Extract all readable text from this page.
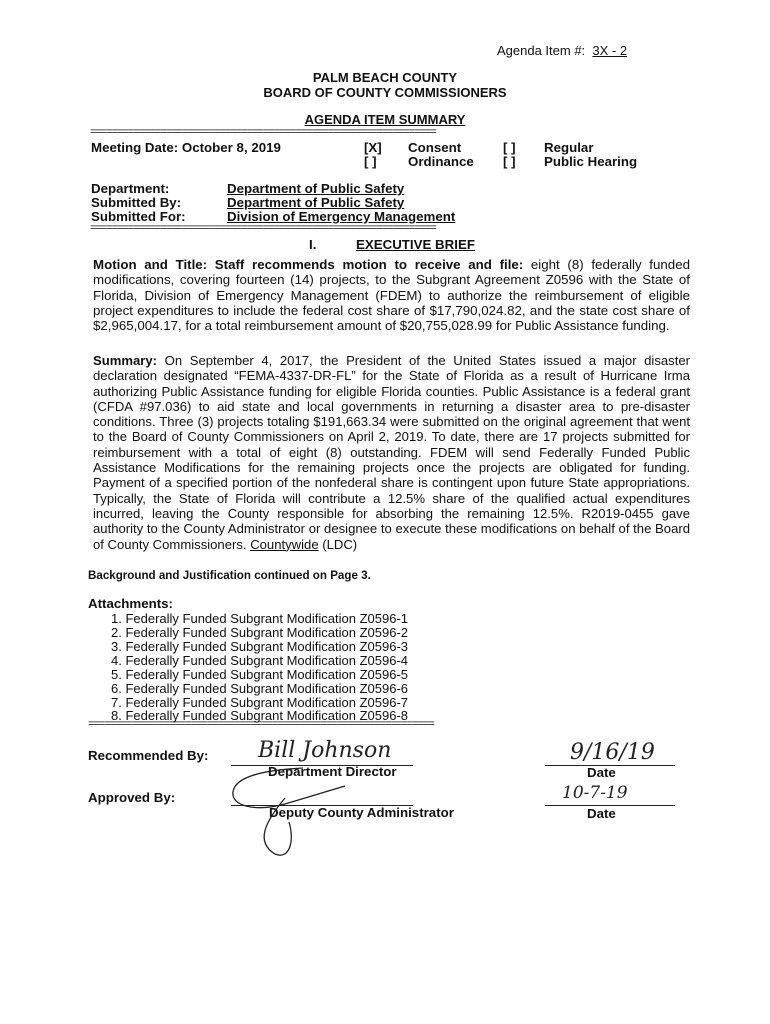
Agenda Item #: 3X - 2
PALM BEACH COUNTY
BOARD OF COUNTY COMMISSIONERS
AGENDA ITEM SUMMARY
================================================================
Meeting Date: October 8, 2019	[X] Consent	[ ] Regular
[ ] Ordinance [ ] Public Hearing
Department:	Department of Public Safety
Submitted By:	Department of Public Safety
Submitted For:	Division of Emergency Management
================================================================
I.	EXECUTIVE BRIEF
Motion and Title: Staff recommends motion to receive and file: eight (8) federally funded modifications, covering fourteen (14) projects, to the Subgrant Agreement Z0596 with the State of Florida, Division of Emergency Management (FDEM) to authorize the reimbursement of eligible project expenditures to include the federal cost share of $17,790,024.82, and the state cost share of $2,965,004.17, for a total reimbursement amount of $20,755,028.99 for Public Assistance funding.
Summary: On September 4, 2017, the President of the United States issued a major disaster declaration designated “FEMA-4337-DR-FL” for the State of Florida as a result of Hurricane Irma authorizing Public Assistance funding for eligible Florida counties. Public Assistance is a federal grant (CFDA #97.036) to aid state and local governments in returning a disaster area to pre-disaster conditions. Three (3) projects totaling $191,663.34 were submitted on the original agreement that went to the Board of County Commissioners on April 2, 2019. To date, there are 17 projects submitted for reimbursement with a total of eight (8) outstanding. FDEM will send Federally Funded Public Assistance Modifications for the remaining projects once the projects are obligated for funding. Payment of a specified portion of the nonfederal share is contingent upon future State appropriations. Typically, the State of Florida will contribute a 12.5% share of the qualified actual expenditures incurred, leaving the County responsible for absorbing the remaining 12.5%. R2019-0455 gave authority to the County Administrator or designee to execute these modifications on behalf of the Board of County Commissioners. Countywide (LDC)
Background and Justification continued on Page 3.
Attachments:
1. Federally Funded Subgrant Modification Z0596-1
2. Federally Funded Subgrant Modification Z0596-2
3. Federally Funded Subgrant Modification Z0596-3
4. Federally Funded Subgrant Modification Z0596-4
5. Federally Funded Subgrant Modification Z0596-5
6. Federally Funded Subgrant Modification Z0596-6
7. Federally Funded Subgrant Modification Z0596-7
8. Federally Funded Subgrant Modification Z0596-8
================================================================
Recommended By: Bill Johnson	9/16/19
Department Director	Date
Approved By:	10-7-19
Deputy County Administrator	Date
